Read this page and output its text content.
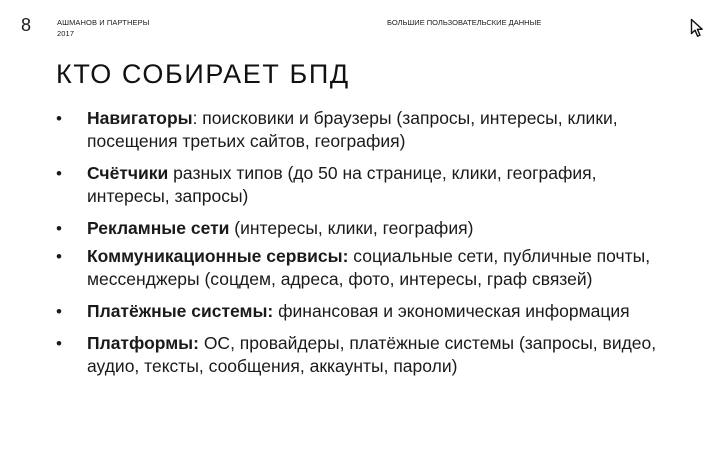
8	АШМАНОВ И ПАРТНЕРЫ
2017
БОЛЬШИЕ ПОЛЬЗОВАТЕЛЬСКИЕ ДАННЫЕ
КТО СОБИРАЕТ БПД
•	Навигаторы: поисковики и браузеры (запросы, интересы, клики, посещения третьих сайтов, география)
•	Счётчики разных типов (до 50 на странице, клики, география, интересы, запросы)
•	Рекламные сети (интересы, клики, география)
•	Коммуникационные сервисы: социальные сети, публичные почты, мессенджеры (соцдем, адреса, фото, интересы, граф связей)
•	Платёжные системы: финансовая и экономическая информация
•	Платформы: ОС, провайдеры, платёжные системы (запросы, видео, аудио, тексты, сообщения, аккаунты, пароли)
